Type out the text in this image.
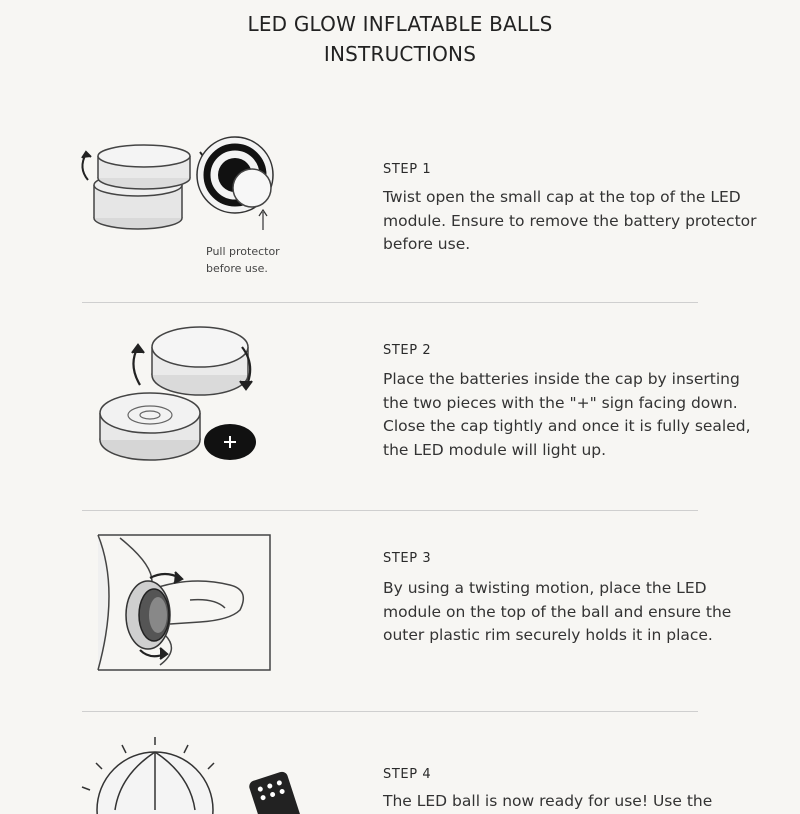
LED GLOW INFLATABLE BALLS
INSTRUCTIONS
Pull protector
before use.
STEP 1
Twist open the small cap at the top of the LED module. Ensure to remove the battery protector before use.
STEP 2
Place the batteries inside the cap by inserting the two pieces with the "+" sign facing down. Close the cap tightly and once it is fully sealed, the LED module will light up.
STEP 3
By using a twisting motion, place the LED module on the top of the ball and ensure the outer plastic rim securely holds it in place.
STEP 4
The LED ball is now ready for use! Use the
